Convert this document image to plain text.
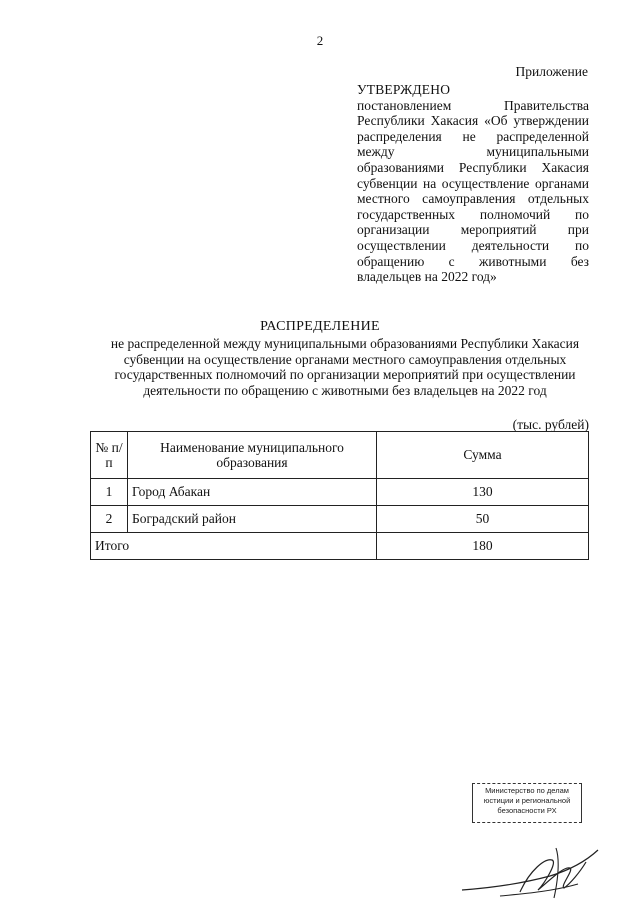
2
Приложение
УТВЕРЖДЕНО
постановлением Правительства Республики Хакасия «Об утверждении распределения не распределенной между муниципальными образованиями Республики Хакасия субвенции на осуществление органами местного самоуправления отдельных государственных полномочий по организации мероприятий при осуществлении деятельности по обращению с животными без владельцев на 2022 год»
РАСПРЕДЕЛЕНИЕ
не распределенной между муниципальными образованиями Республики Хакасия субвенции на осуществление органами местного самоуправления отдельных государственных полномочий по организации мероприятий при осуществлении деятельности по обращению с животными без владельцев на 2022 год
(тыс. рублей)
№ п/п	Наименование муниципального образования	Сумма
1	Город Абакан	130
2	Боградский район	50
Итого		180
Министерство по делам
юстиции и региональной
безопасности РХ
